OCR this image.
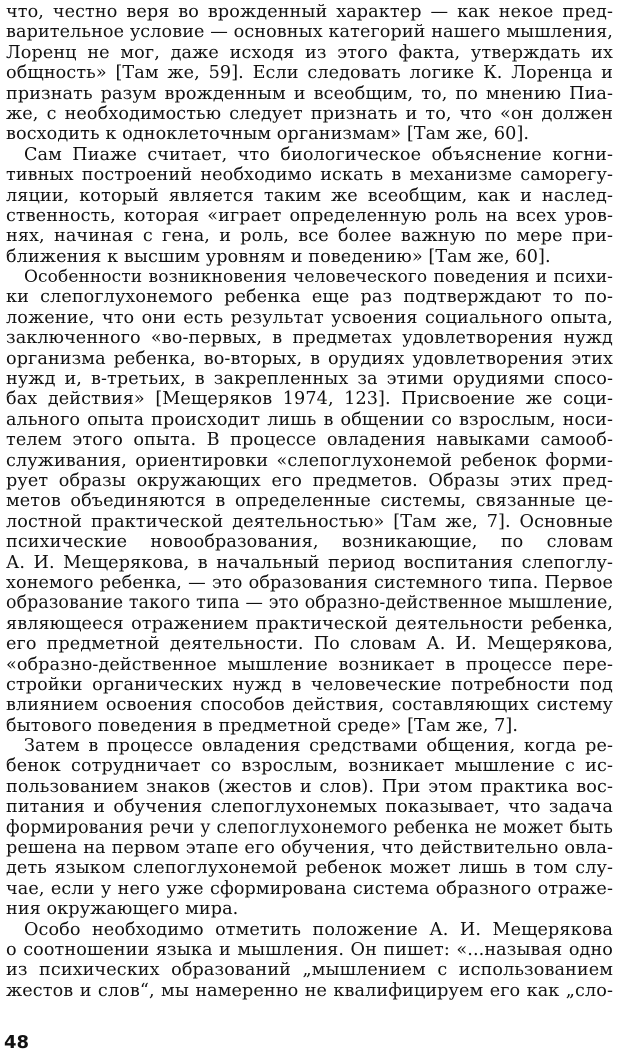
что, честно веря во врожденный характер — как некое пред-
варительное условие — основных категорий нашего мышления,
Лоренц не мог, даже исходя из этого факта, утверждать их
общность» [Там же, 59]. Если следовать логике К. Лоренца и
признать разум врожденным и всеобщим, то, по мнению Пиа-
же, с необходимостью следует признать и то, что «он должен
восходить к одноклеточным организмам» [Там же, 60].
Сам Пиаже считает, что биологическое объяснение когни-
тивных построений необходимо искать в механизме саморегу-
ляции, который является таким же всеобщим, как и наслед-
ственность, которая «играет определенную роль на всех уров-
нях, начиная с гена, и роль, все более важную по мере при-
ближения к высшим уровням и поведению» [Там же, 60].
Особенности возникновения человеческого поведения и психи-
ки слепоглухонемого ребенка еще раз подтверждают то по-
ложение, что они есть результат усвоения социального опыта,
заключенного «во-первых, в предметах удовлетворения нужд
организма ребенка, во-вторых, в орудиях удовлетворения этих
нужд и, в-третьих, в закрепленных за этими орудиями спосо-
бах действия» [Мещеряков 1974, 123]. Присвоение же соци-
ального опыта происходит лишь в общении со взрослым, носи-
телем этого опыта. В процессе овладения навыками самооб-
служивания, ориентировки «слепоглухонемой ребенок форми-
рует образы окружающих его предметов. Образы этих пред-
метов объединяются в определенные системы, связанные це-
лостной практической деятельностью» [Там же, 7]. Основные
психические новообразования, возникающие, по словам
А. И. Мещерякова, в начальный период воспитания слепоглу-
хонемого ребенка, — это образования системного типа. Первое
образование такого типа — это образно-действенное мышление,
являющееся отражением практической деятельности ребенка,
его предметной деятельности. По словам А. И. Мещерякова,
«образно-действенное мышление возникает в процессе пере-
стройки органических нужд в человеческие потребности под
влиянием освоения способов действия, составляющих систему
бытового поведения в предметной среде» [Там же, 7].
Затем в процессе овладения средствами общения, когда ре-
бенок сотрудничает со взрослым, возникает мышление с ис-
пользованием знаков (жестов и слов). При этом практика вос-
питания и обучения слепоглухонемых показывает, что задача
формирования речи у слепоглухонемого ребенка не может быть
решена на первом этапе его обучения, что действительно овла-
деть языком слепоглухонемой ребенок может лишь в том слу-
чае, если у него уже сформирована система образного отраже-
ния окружающего мира.
Особо необходимо отметить положение А. И. Мещерякова
о соотношении языка и мышления. Он пишет: «...называя одно
из психических образований „мышлением с использованием
жестов и слов“, мы намеренно не квалифицируем его как „сло-
48
